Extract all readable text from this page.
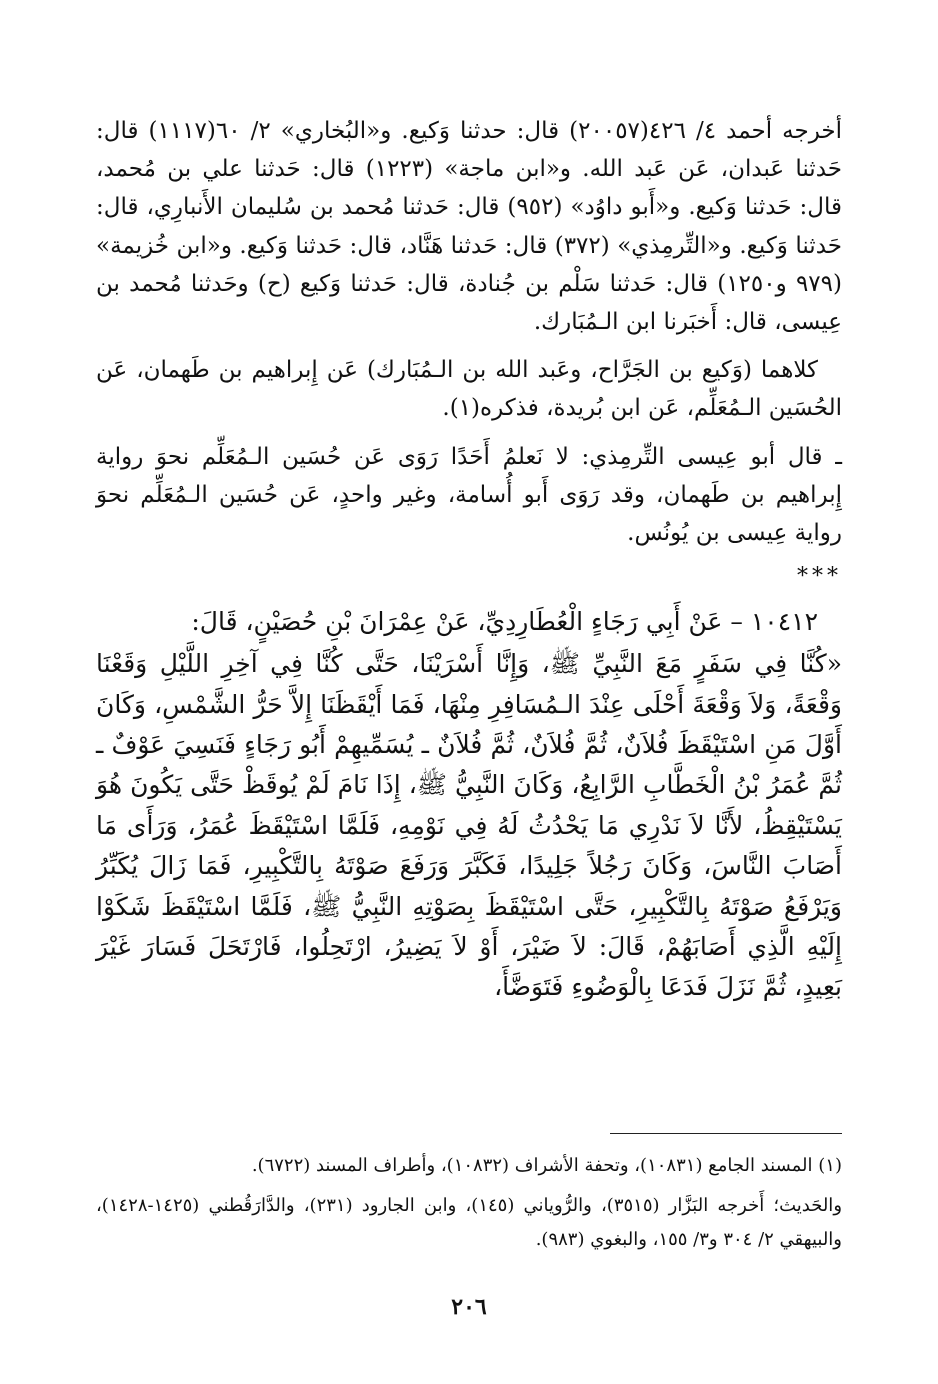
أخرجه أحمد ٤/ ٤٢٦(٢٠٠٥٧) قال: حدثنا وَكيع. و«البُخاري» ٢/ ٦٠(١١١٧) قال: حَدثنا عَبدان، عَن عَبد الله. و«ابن ماجة» (١٢٢٣) قال: حَدثنا علي بن مُحمد، قال: حَدثنا وَكيع. و«أَبو داوُد» (٩٥٢) قال: حَدثنا مُحمد بن سُليمان الأَنبارِي، قال: حَدثنا وَكيع. و«التِّرمِذي» (٣٧٢) قال: حَدثنا هَنَّاد، قال: حَدثنا وَكيع. و«ابن خُزيمة» (٩٧٩ و١٢٥٠) قال: حَدثنا سَلْم بن جُنادة، قال: حَدثنا وَكيع (ح) وحَدثنا مُحمد بن عِيسى، قال: أَخبَرنا ابن الـمُبَارك.

كلاهما (وَكيع بن الجَرَّاح، وعَبد الله بن الـمُبَارك) عَن إِبراهيم بن طَهمان، عَن الحُسَين الـمُعَلِّم، عَن ابن بُريدة، فذكره(١).

ـ قال أبو عِيسى التِّرمِذي: لا نَعلمُ أَحَدًا رَوَى عَن حُسَين الـمُعَلِّم نحوَ رواية إِبراهيم بن طَهمان، وقد رَوَى أَبو أُسامة، وغير واحدٍ، عَن حُسَين الـمُعَلِّم نحوَ رواية عِيسى بن يُونُس.

***

١٠٤١٢ – عَنْ أَبِي رَجَاءٍ الْعُطَارِدِيِّ، عَنْ عِمْرَانَ بْنِ حُصَيْنٍ، قَالَ:

«كُنَّا فِي سَفَرٍ مَعَ النَّبِيِّ ﷺ، وَإِنَّا أَسْرَيْنَا، حَتَّى كُنَّا فِي آخِرِ اللَّيْلِ وَقَعْنَا وَقْعَةً، وَلاَ وَقْعَةَ أَحْلَى عِنْدَ الـمُسَافِرِ مِنْهَا، فَمَا أَيْقَظَنَا إِلاَّ حَرُّ الشَّمْسِ، وَكَانَ أَوَّلَ مَنِ اسْتَيْقَظَ فُلاَنٌ، ثُمَّ فُلاَنٌ، ثُمَّ فُلاَنٌ ـ يُسَمِّيهِمْ أَبُو رَجَاءٍ فَنَسِيَ عَوْفٌ ـ ثُمَّ عُمَرُ بْنُ الْخَطَّابِ الرَّابِعُ، وَكَانَ النَّبِيُّ ﷺ، إِذَا نَامَ لَمْ يُوقَظْ حَتَّى يَكُونَ هُوَ يَسْتَيْقِظُ، لأَنَّا لاَ نَدْرِي مَا يَحْدُثُ لَهُ فِي نَوْمِهِ، فَلَمَّا اسْتَيْقَظَ عُمَرُ، وَرَأَى مَا أَصَابَ النَّاسَ، وَكَانَ رَجُلاً جَلِيدًا، فَكَبَّرَ وَرَفَعَ صَوْتَهُ بِالتَّكْبِيرِ، فَمَا زَالَ يُكَبِّرُ وَيَرْفَعُ صَوْتَهُ بِالتَّكْبِيرِ، حَتَّى اسْتَيْقَظَ بِصَوْتِهِ النَّبِيُّ ﷺ، فَلَمَّا اسْتَيْقَظَ شَكَوْا إِلَيْهِ الَّذِي أَصَابَهُمْ، قَالَ: لاَ ضَيْرَ، أَوْ لاَ يَضِيرُ، ارْتَحِلُوا، فَارْتَحَلَ فَسَارَ غَيْرَ بَعِيدٍ، ثُمَّ نَزَلَ فَدَعَا بِالْوَضُوءِ فَتَوَضَّأَ،

(١) المسند الجامع (١٠٨٣١)، وتحفة الأشراف (١٠٨٣٢)، وأطراف المسند (٦٧٢٢).

والحَديث؛ أَخرجه البَزَّار (٣٥١٥)، والرُّوياني (١٤٥)، وابن الجارود (٢٣١)، والدَّارَقُطني (١٤٢٥-١٤٢٨)، والبيهقي ٢/ ٣٠٤ و٣/ ١٥٥، والبغوي (٩٨٣).

٢٠٦
